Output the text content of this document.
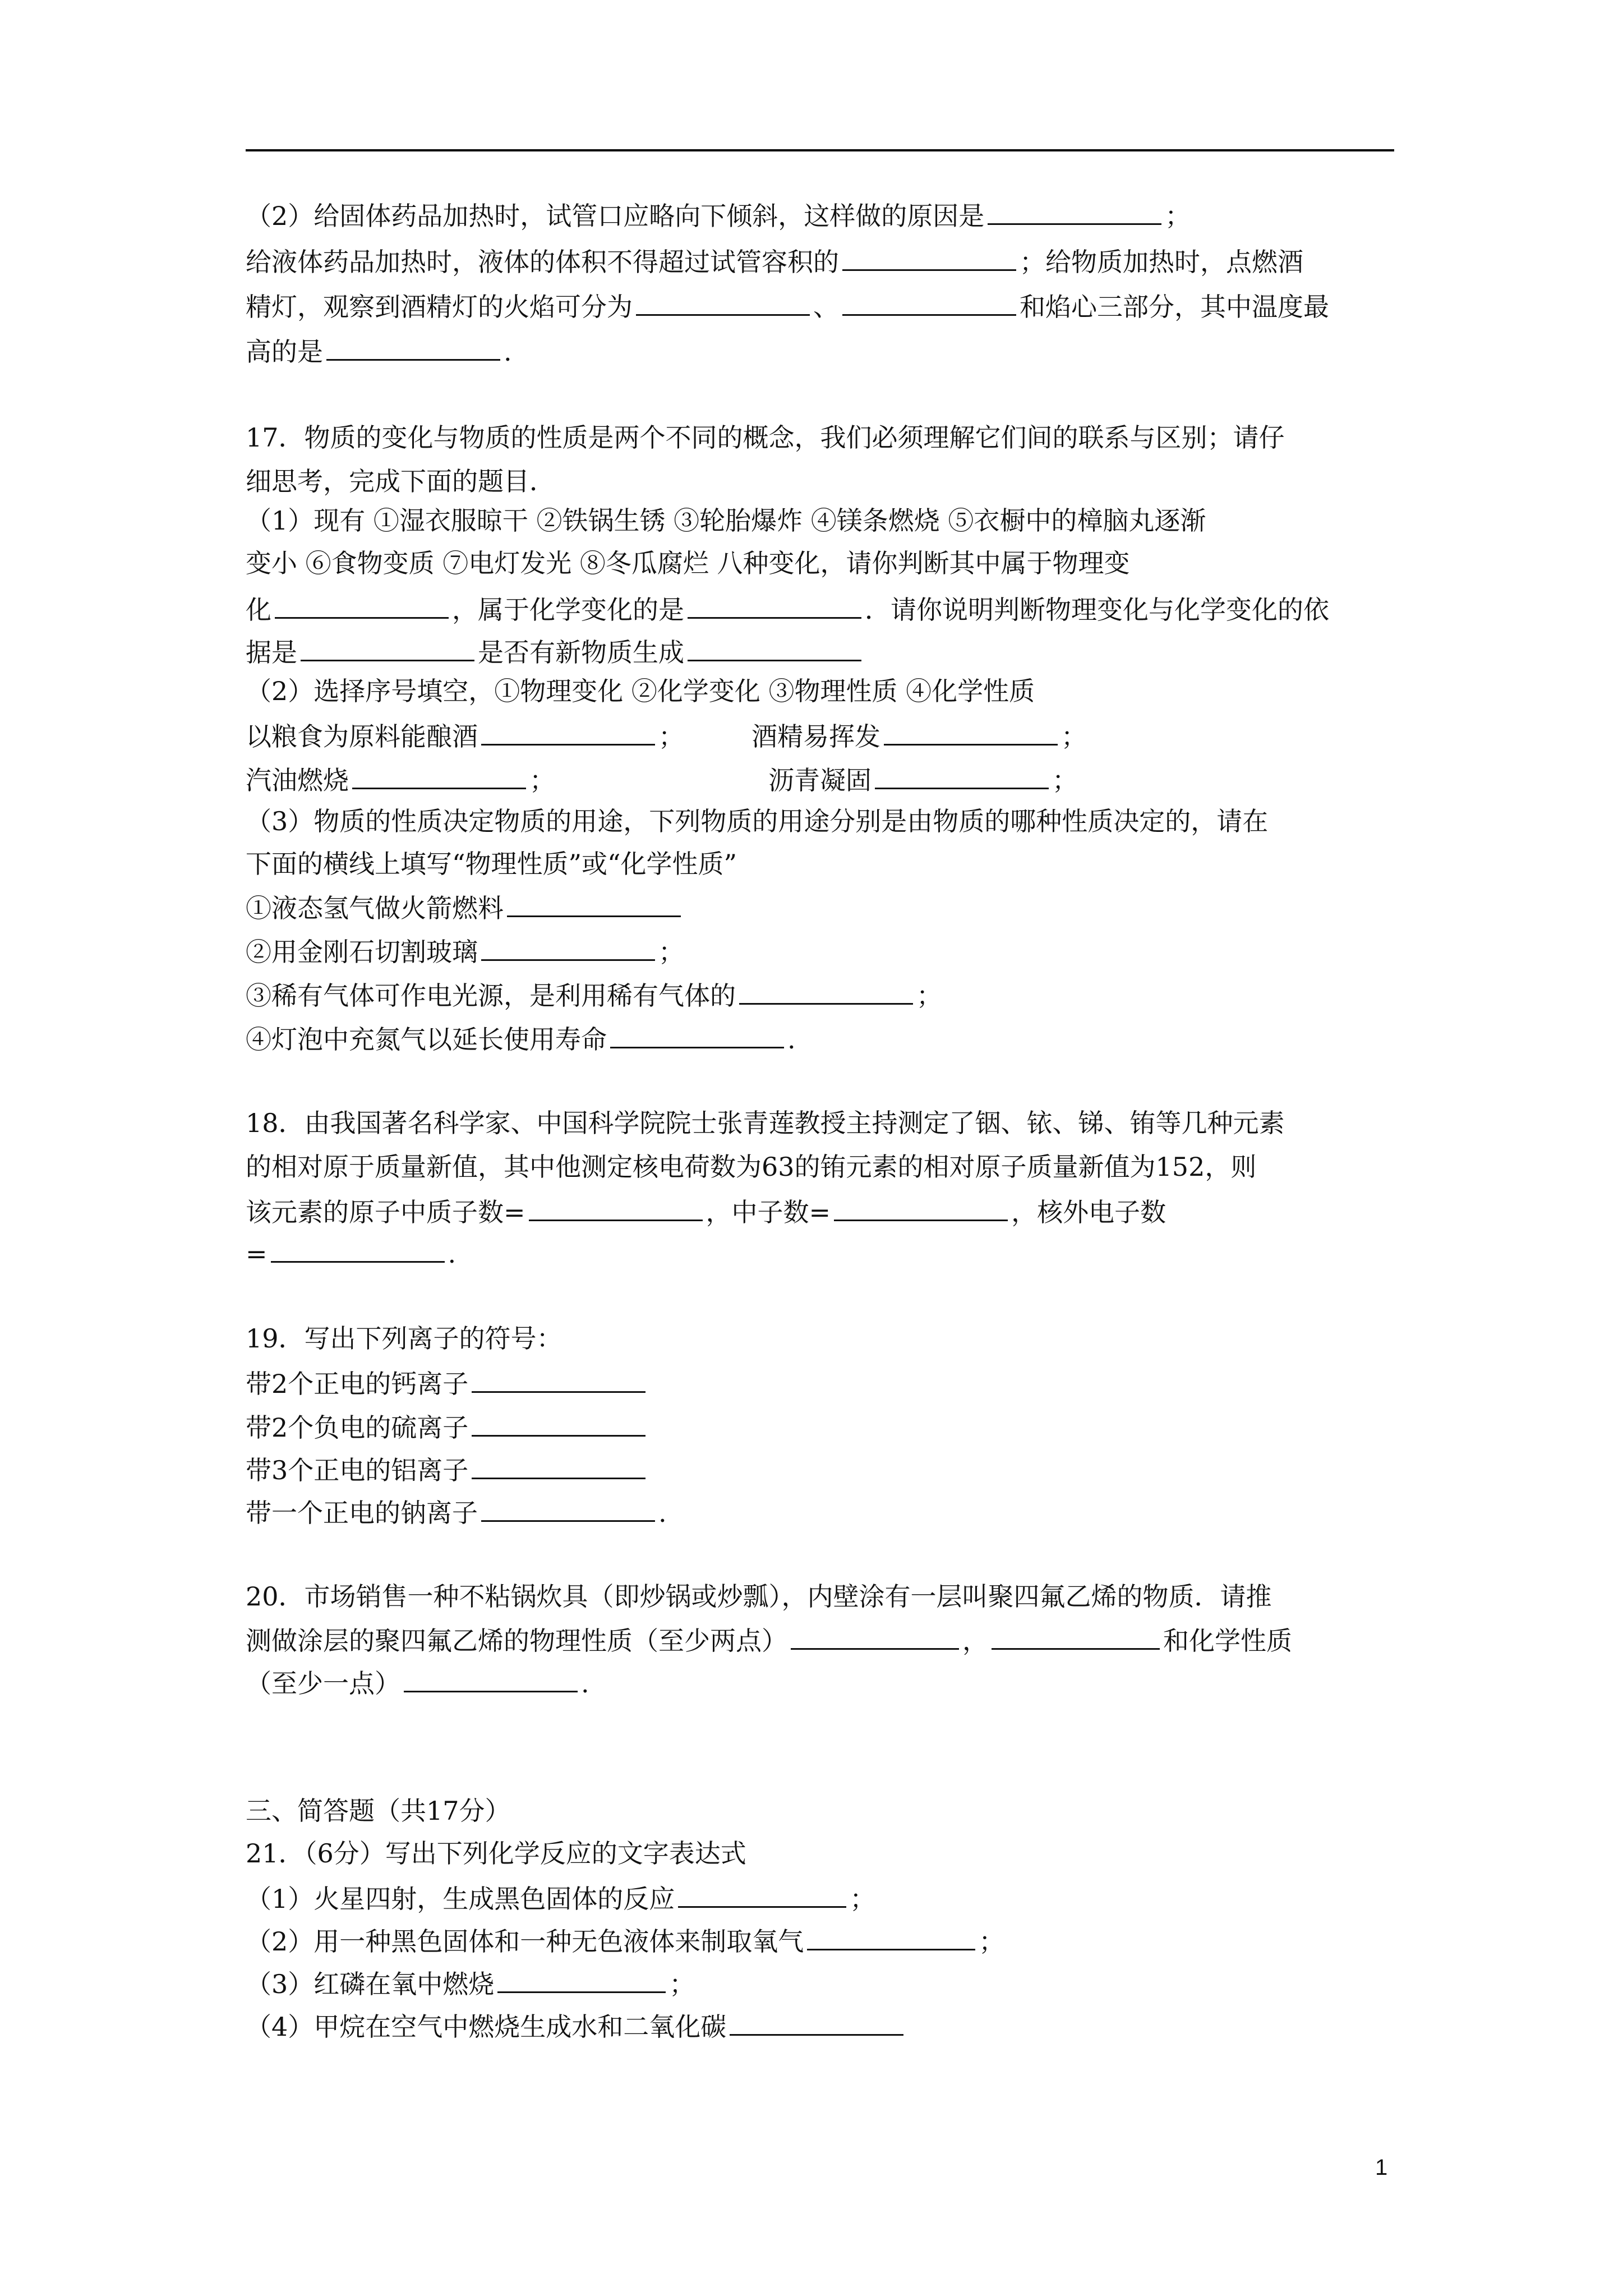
（2）给固体药品加热时，试管口应略向下倾斜，这样做的原因是	；

给液体药品加热时，液体的体积不得超过试管容积的	；给物质加热时，点燃酒

精灯，观察到酒精灯的火焰可分为	、	和焰心三部分，其中温度最

高的是	.

17．物质的变化与物质的性质是两个不同的概念，我们必须理解它们间的联系与区别；请仔

细思考，完成下面的题目．

（1）现有 ①湿衣服晾干 ②铁锅生锈 ③轮胎爆炸 ④镁条燃烧 ⑤衣橱中的樟脑丸逐渐

变小 ⑥食物变质 ⑦电灯发光 ⑧冬瓜腐烂 八种变化，请你判断其中属于物理变

化	，属于化学变化的是	．请你说明判断物理变化与化学变化的依

据是	是否有新物质生成

（2）选择序号填空，①物理变化 ②化学变化 ③物理性质 ④化学性质

以粮食为原料能酿酒	；	酒精易挥发	；

汽油燃烧	；	沥青凝固	；

（3）物质的性质决定物质的用途，下列物质的用途分别是由物质的哪种性质决定的，请在

下面的横线上填写“物理性质”或“化学性质”

①液态氢气做火箭燃料

②用金刚石切割玻璃	；

③稀有气体可作电光源，是利用稀有气体的	；

④灯泡中充氮气以延长使用寿命	.

18．由我国著名科学家、中国科学院院士张青莲教授主持测定了铟、铱、锑、铕等几种元素

的相对原于质量新值，其中他测定核电荷数为63的铕元素的相对原子质量新值为152，则

该元素的原子中质子数=	，中子数=	，核外电子数

=	.

19．写出下列离子的符号：

带2个正电的钙离子

带2个负电的硫离子

带3个正电的铝离子

带一个正电的钠离子	.

20．市场销售一种不粘锅炊具（即炒锅或炒瓢），内壁涂有一层叫聚四氟乙烯的物质．请推

测做涂层的聚四氟乙烯的物理性质（至少两点）	，	和化学性质

（至少一点）	.

三、简答题（共17分）

21．（6分）写出下列化学反应的文字表达式

（1）火星四射，生成黑色固体的反应	；

（2）用一种黑色固体和一种无色液体来制取氧气	；

（3）红磷在氧中燃烧	；

（4）甲烷在空气中燃烧生成水和二氧化碳

1
